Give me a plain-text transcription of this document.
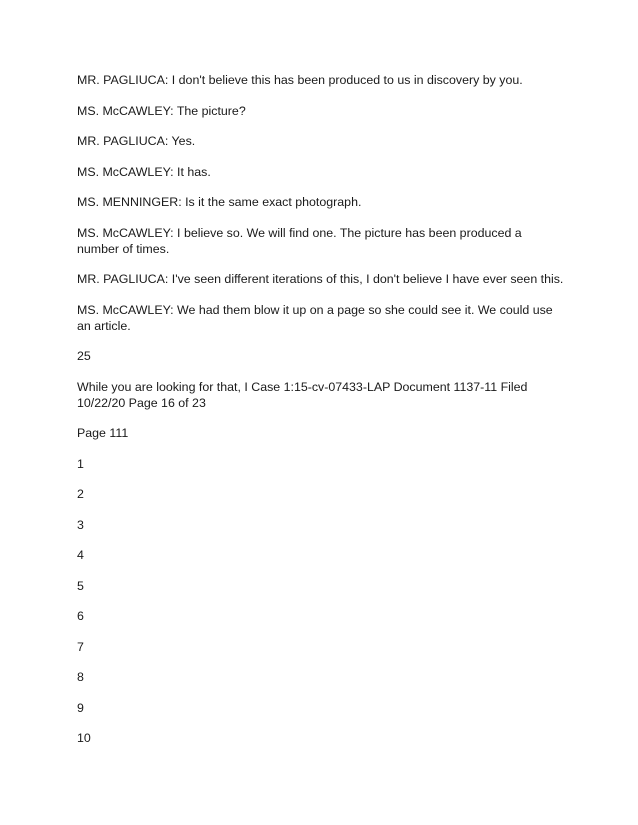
MR. PAGLIUCA: I don't believe this has been produced to us in discovery by you.

MS. McCAWLEY: The picture?

MR. PAGLIUCA: Yes.

MS. McCAWLEY: It has.

MS. MENNINGER: Is it the same exact photograph.

MS. McCAWLEY: I believe so. We will find one. The picture has been produced a number of times.

MR. PAGLIUCA: I've seen different iterations of this, I don't believe I have ever seen this.

MS. McCAWLEY: We had them blow it up on a page so she could see it. We could use an article.

25

While you are looking for that, I Case 1:15-cv-07433-LAP Document 1137-11 Filed 10/22/20 Page 16 of 23

Page 111

1

2

3

4

5

6

7

8

9

10
